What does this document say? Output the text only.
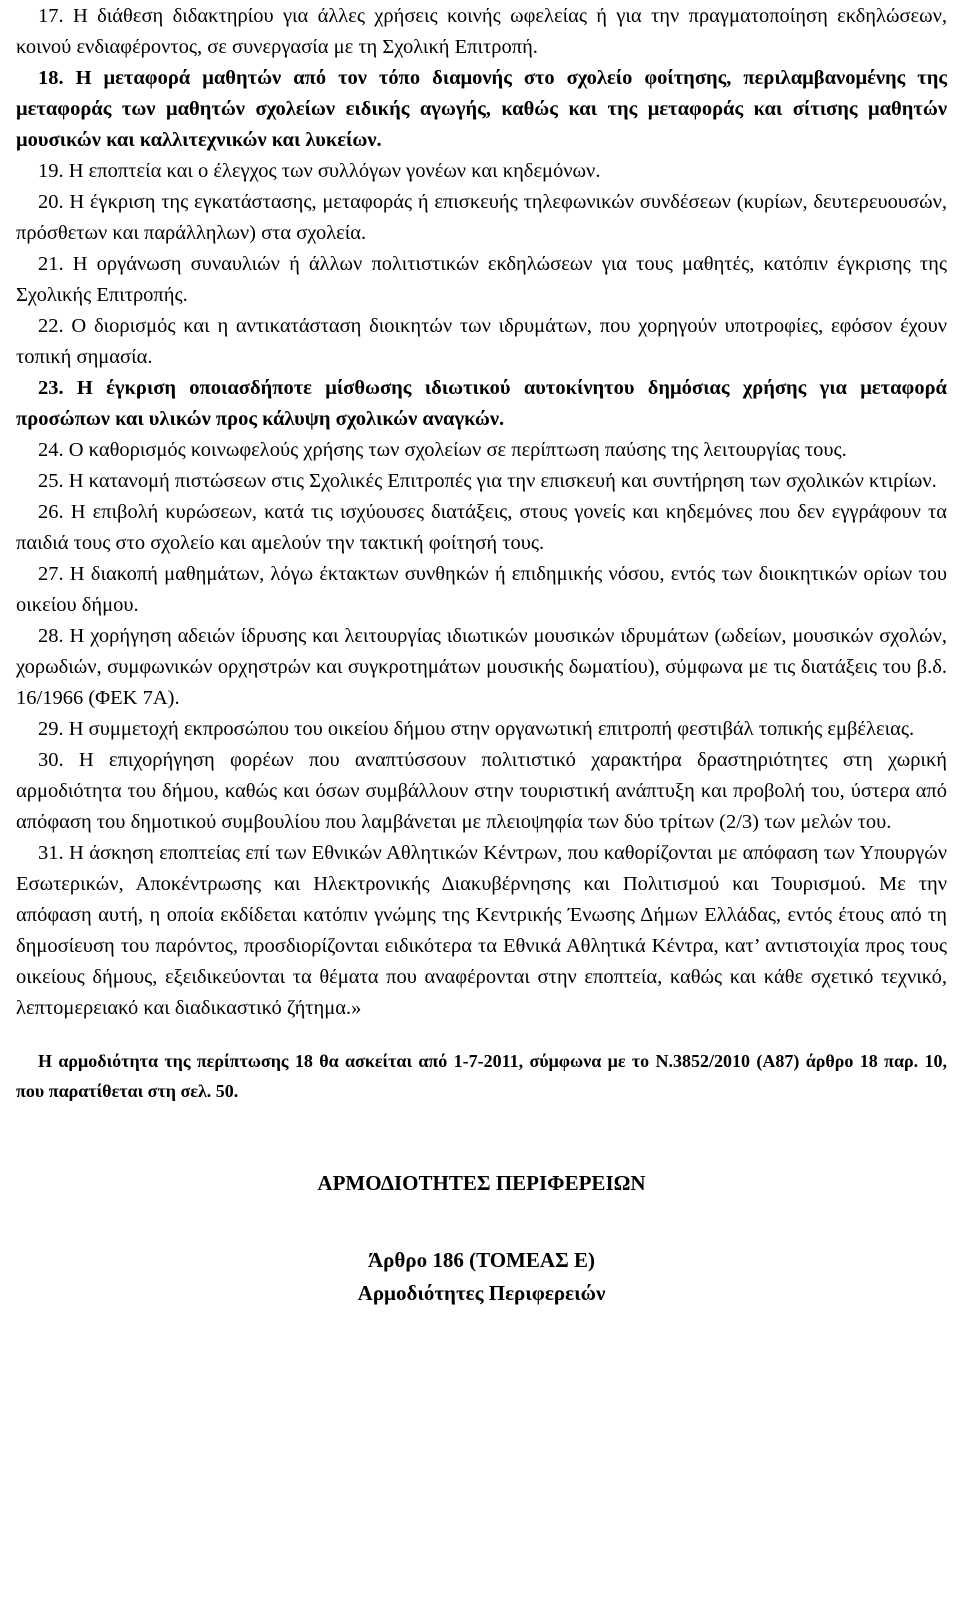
17. Η διάθεση διδακτηρίου για άλλες χρήσεις κοινής ωφελείας ή για την πραγματοποίηση εκδηλώσεων, κοινού ενδιαφέροντος, σε συνεργασία με τη Σχολική Επιτροπή.

18. Η μεταφορά μαθητών από τον τόπο διαμονής στο σχολείο φοίτησης, περιλαμβανομένης της μεταφοράς των μαθητών σχολείων ειδικής αγωγής, καθώς και της μεταφοράς και σίτισης μαθητών μουσικών και καλλιτεχνικών και λυκείων.

19. Η εποπτεία και ο έλεγχος των συλλόγων γονέων και κηδεμόνων.

20. Η έγκριση της εγκατάστασης, μεταφοράς ή επισκευής τηλεφωνικών συνδέσεων (κυρίων, δευτερευουσών, πρόσθετων και παράλληλων) στα σχολεία.

21. Η οργάνωση συναυλιών ή άλλων πολιτιστικών εκδηλώσεων για τους μαθητές, κατόπιν έγκρισης της Σχολικής Επιτροπής.

22. Ο διορισμός και η αντικατάσταση διοικητών των ιδρυμάτων, που χορηγούν υποτροφίες, εφόσον έχουν τοπική σημασία.

23. Η έγκριση οποιασδήποτε μίσθωσης ιδιωτικού αυτοκίνητου δημόσιας χρήσης για μεταφορά προσώπων και υλικών προς κάλυψη σχολικών αναγκών.

24. Ο καθορισμός κοινωφελούς χρήσης των σχολείων σε περίπτωση παύσης της λειτουργίας τους.

25. Η κατανομή πιστώσεων στις Σχολικές Επιτροπές για την επισκευή και συντήρηση των σχολικών κτιρίων.

26. Η επιβολή κυρώσεων, κατά τις ισχύουσες διατάξεις, στους γονείς και κηδεμόνες που δεν εγγράφουν τα παιδιά τους στο σχολείο και αμελούν την τακτική φοίτησή τους.

27. Η διακοπή μαθημάτων, λόγω έκτακτων συνθηκών ή επιδημικής νόσου, εντός των διοικητικών ορίων του οικείου δήμου.

28. Η χορήγηση αδειών ίδρυσης και λειτουργίας ιδιωτικών μουσικών ιδρυμάτων (ωδείων, μουσικών σχολών, χορωδιών, συμφωνικών ορχηστρών και συγκροτημάτων μουσικής δωματίου), σύμφωνα με τις διατάξεις του β.δ. 16/1966 (ΦΕΚ 7Α).

29. Η συμμετοχή εκπροσώπου του οικείου δήμου στην οργανωτική επιτροπή φεστιβάλ τοπικής εμβέλειας.

30. Η επιχορήγηση φορέων που αναπτύσσουν πολιτιστικό χαρακτήρα δραστηριότητες στη χωρική αρμοδιότητα του δήμου, καθώς και όσων συμβάλλουν στην τουριστική ανάπτυξη και προβολή του, ύστερα από απόφαση του δημοτικού συμβουλίου που λαμβάνεται με πλειοψηφία των δύο τρίτων (2/3) των μελών του.

31. Η άσκηση εποπτείας επί των Εθνικών Αθλητικών Κέντρων, που καθορίζονται με απόφαση των Υπουργών Εσωτερικών, Αποκέντρωσης και Ηλεκτρονικής Διακυβέρνησης και Πολιτισμού και Τουρισμού. Με την απόφαση αυτή, η οποία εκδίδεται κατόπιν γνώμης της Κεντρικής Ένωσης Δήμων Ελλάδας, εντός έτους από τη δημοσίευση του παρόντος, προσδιορίζονται ειδικότερα τα Εθνικά Αθλητικά Κέντρα, κατ’ αντιστοιχία προς τους οικείους δήμους, εξειδικεύονται τα θέματα που αναφέρονται στην εποπτεία, καθώς και κάθε σχετικό τεχνικό, λεπτομερειακό και διαδικαστικό ζήτημα.»

Η αρμοδιότητα της περίπτωσης 18 θα ασκείται από 1-7-2011, σύμφωνα με το Ν.3852/2010 (Α87) άρθρο 18 παρ. 10, που παρατίθεται στη σελ. 50.

ΑΡΜΟΔΙΟΤΗΤΕΣ ΠΕΡΙΦΕΡΕΙΩΝ

Άρθρο 186 (ΤΟΜΕΑΣ Ε)

Αρμοδιότητες Περιφερειών
